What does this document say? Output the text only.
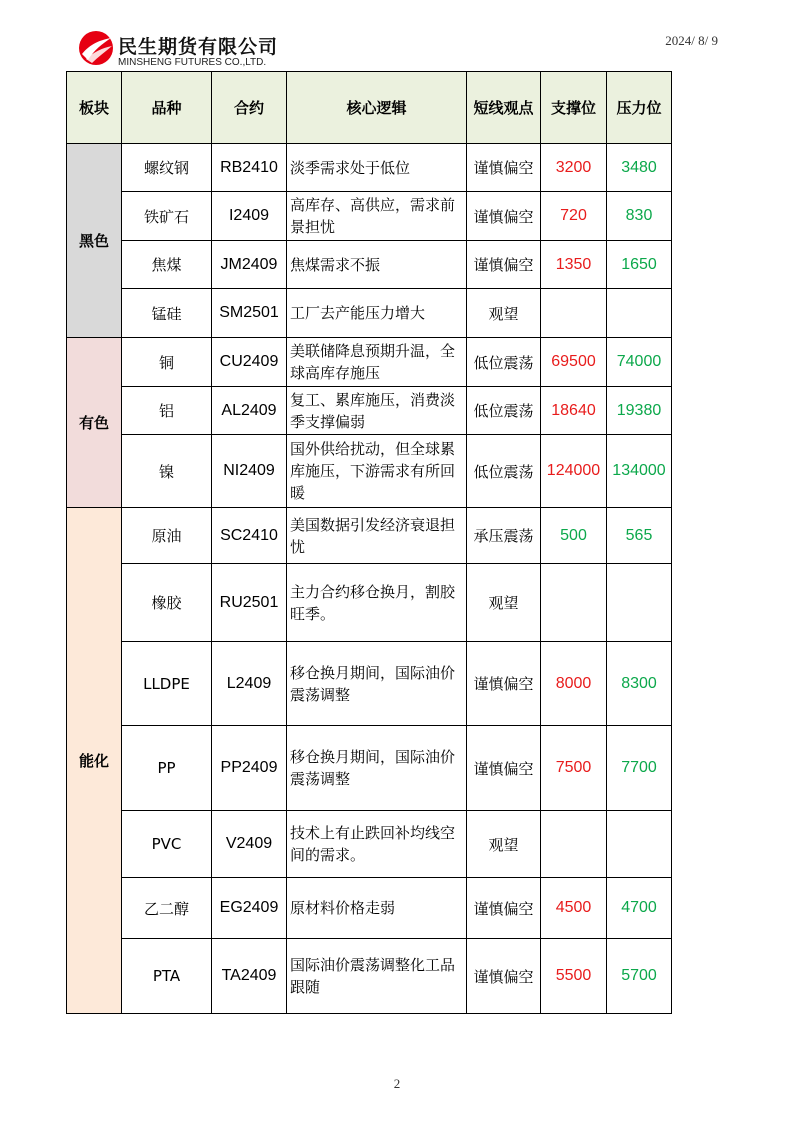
民生期货有限公司
MINSHENG FUTURES CO.,LTD.
2024/ 8/ 9
板块	品种	合约	核心逻辑	短线观点	支撑位	压力位
黑色	螺纹钢	RB2410	淡季需求处于低位	谨慎偏空	3200	3480
	铁矿石	I2409	高库存、高供应，需求前景担忧	谨慎偏空	720	830
	焦煤	JM2409	焦煤需求不振	谨慎偏空	1350	1650
	锰硅	SM2501	工厂去产能压力增大	观望		
有色	铜	CU2409	美联储降息预期升温，全球高库存施压	低位震荡	69500	74000
	铝	AL2409	复工、累库施压，消费淡季支撑偏弱	低位震荡	18640	19380
	镍	NI2409	国外供给扰动，但全球累库施压，下游需求有所回暖	低位震荡	124000	134000
能化	原油	SC2410	美国数据引发经济衰退担忧	承压震荡	500	565
	橡胶	RU2501	主力合约移仓换月，割胶旺季。	观望		
	LLDPE	L2409	移仓换月期间，国际油价震荡调整	谨慎偏空	8000	8300
	PP	PP2409	移仓换月期间，国际油价震荡调整	谨慎偏空	7500	7700
	PVC	V2409	技术上有止跌回补均线空间的需求。	观望		
	乙二醇	EG2409	原材料价格走弱	谨慎偏空	4500	4700
	PTA	TA2409	国际油价震荡调整化工品跟随	谨慎偏空	5500	5700
2
